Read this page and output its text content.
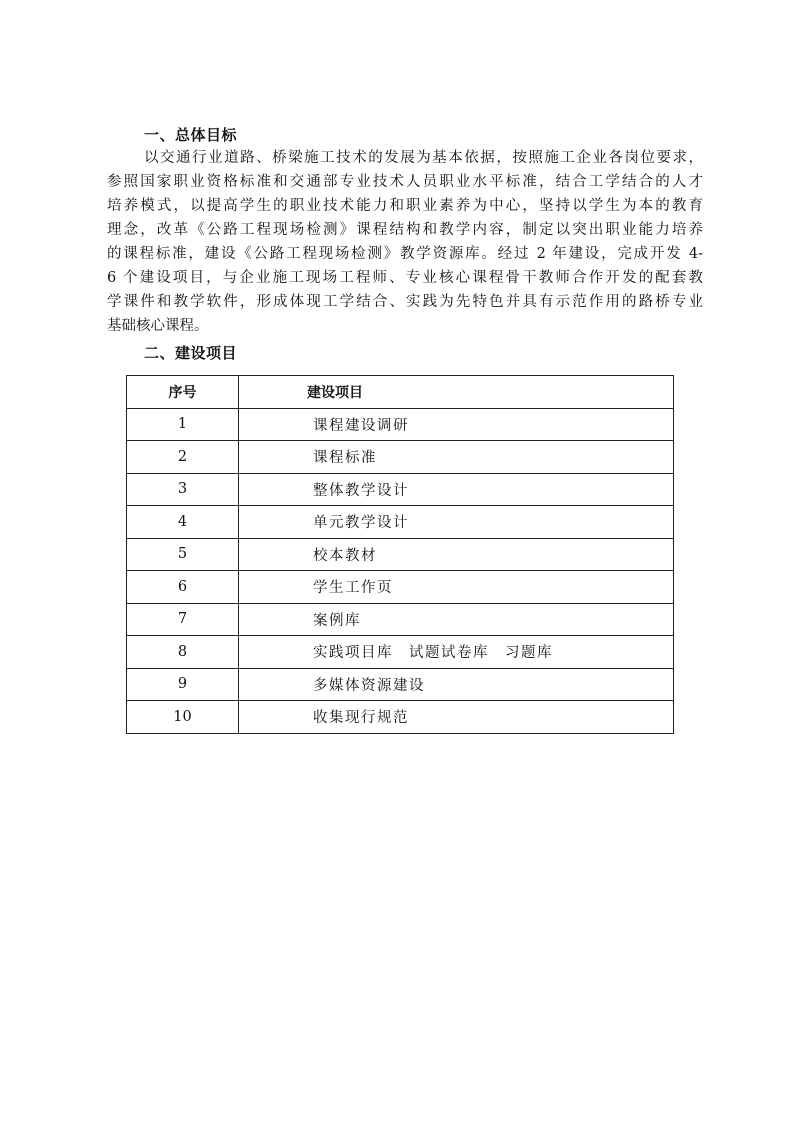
一、总体目标
以交通行业道路、桥梁施工技术的发展为基本依据，按照施工企业各岗位要求，
参照国家职业资格标准和交通部专业技术人员职业水平标准，结合工学结合的人才
培养模式，以提高学生的职业技术能力和职业素养为中心，坚持以学生为本的教育
理念，改革《公路工程现场检测》课程结构和教学内容，制定以突出职业能力培养
的课程标准，建设《公路工程现场检测》教学资源库。经过 2 年建设，完成开发 4-
6 个建设项目，与企业施工现场工程师、专业核心课程骨干教师合作开发的配套教
学课件和教学软件，形成体现工学结合、实践为先特色并具有示范作用的路桥专业
基础核心课程。
二、建设项目
序号	建设项目
1	课程建设调研
2	课程标准
3	整体教学设计
4	单元教学设计
5	校本教材
6	学生工作页
7	案例库
8	实践项目库　试题试卷库　习题库
9	多媒体资源建设
10	收集现行规范
